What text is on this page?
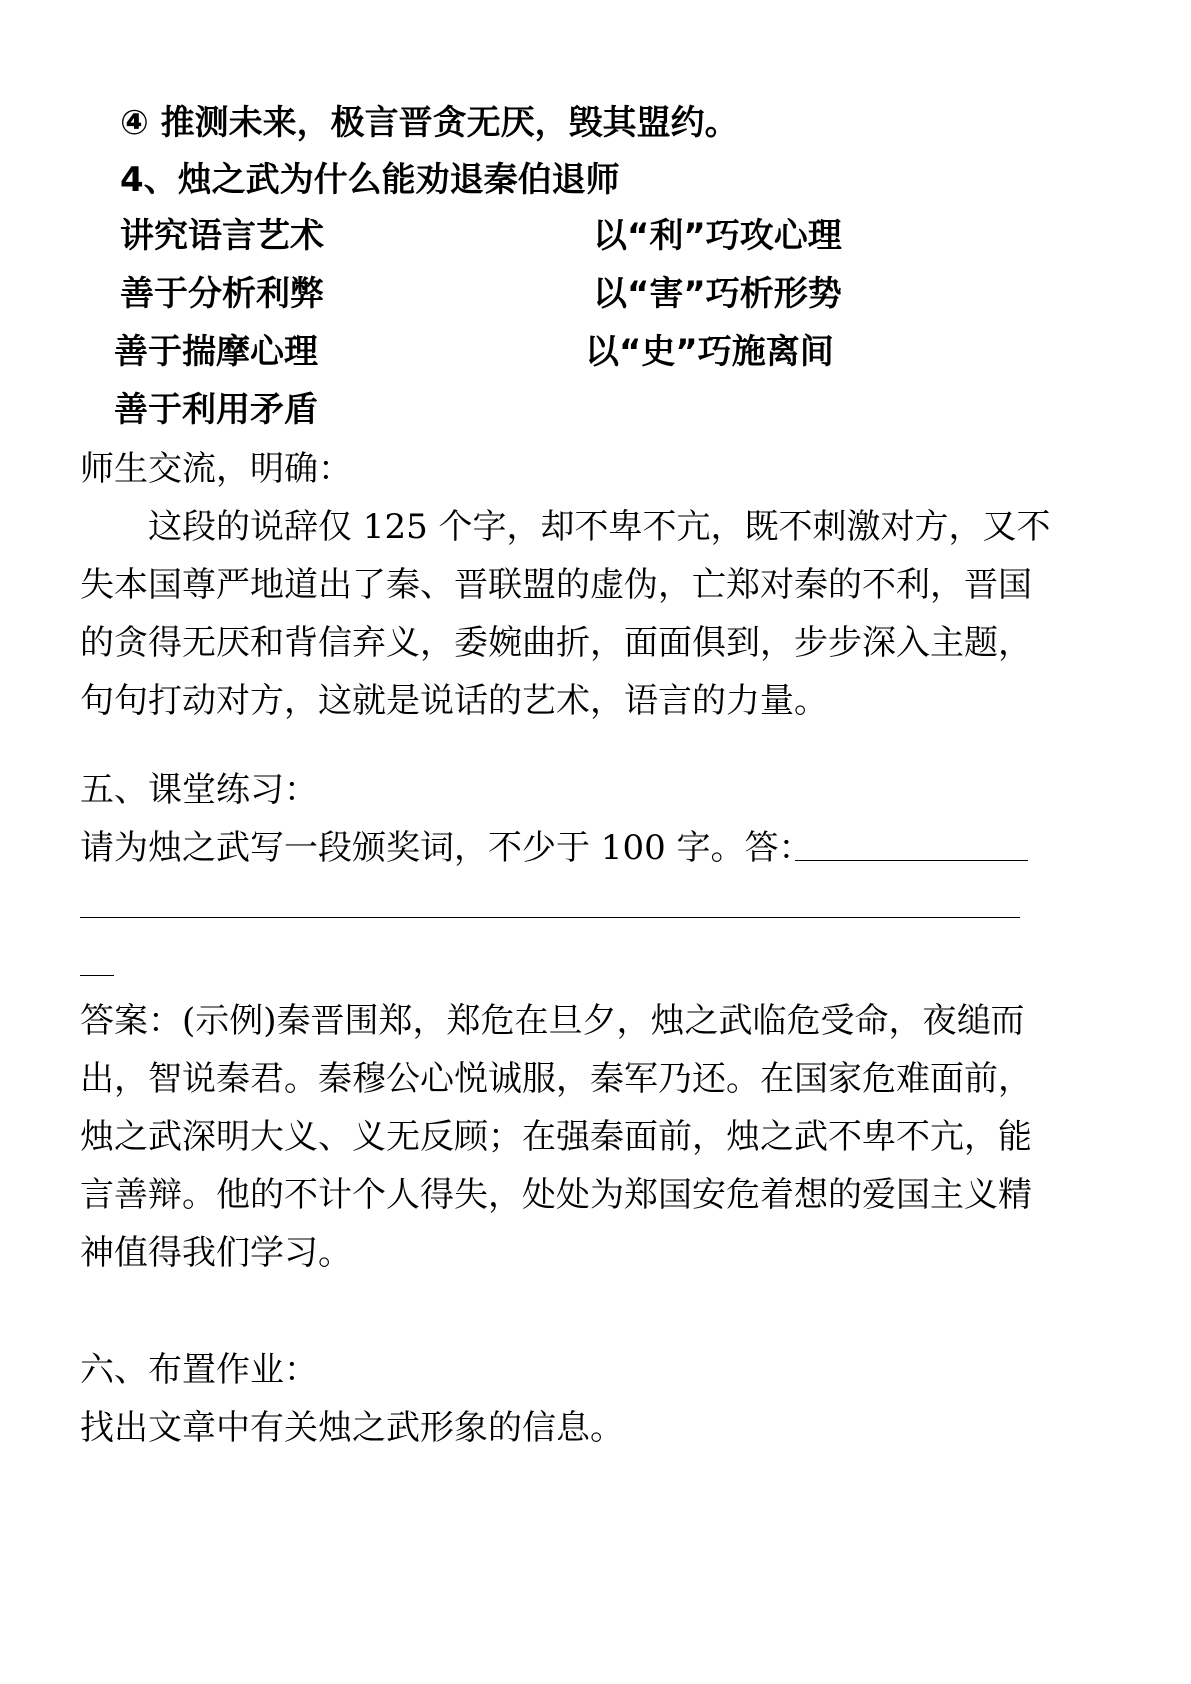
④ 推测未来，极言晋贪无厌，毁其盟约。
4、烛之武为什么能劝退秦伯退师
讲究语言艺术	以“利”巧攻心理
善于分析利弊	以“害”巧析形势
善于揣摩心理	以“史”巧施离间
善于利用矛盾
师生交流，明确：
这段的说辞仅 125 个字，却不卑不亢，既不刺激对方，又不
失本国尊严地道出了秦、晋联盟的虚伪，亡郑对秦的不利，晋国
的贪得无厌和背信弃义，委婉曲折，面面俱到，步步深入主题，
句句打动对方，这就是说话的艺术，语言的力量。
五、课堂练习：
请为烛之武写一段颁奖词，不少于 100 字。答：
答案：(示例)秦晋围郑，郑危在旦夕，烛之武临危受命，夜缒而
出，智说秦君。秦穆公心悦诚服，秦军乃还。在国家危难面前，
烛之武深明大义、义无反顾；在强秦面前，烛之武不卑不亢，能
言善辩。他的不计个人得失，处处为郑国安危着想的爱国主义精
神值得我们学习。
六、布置作业：
找出文章中有关烛之武形象的信息。
